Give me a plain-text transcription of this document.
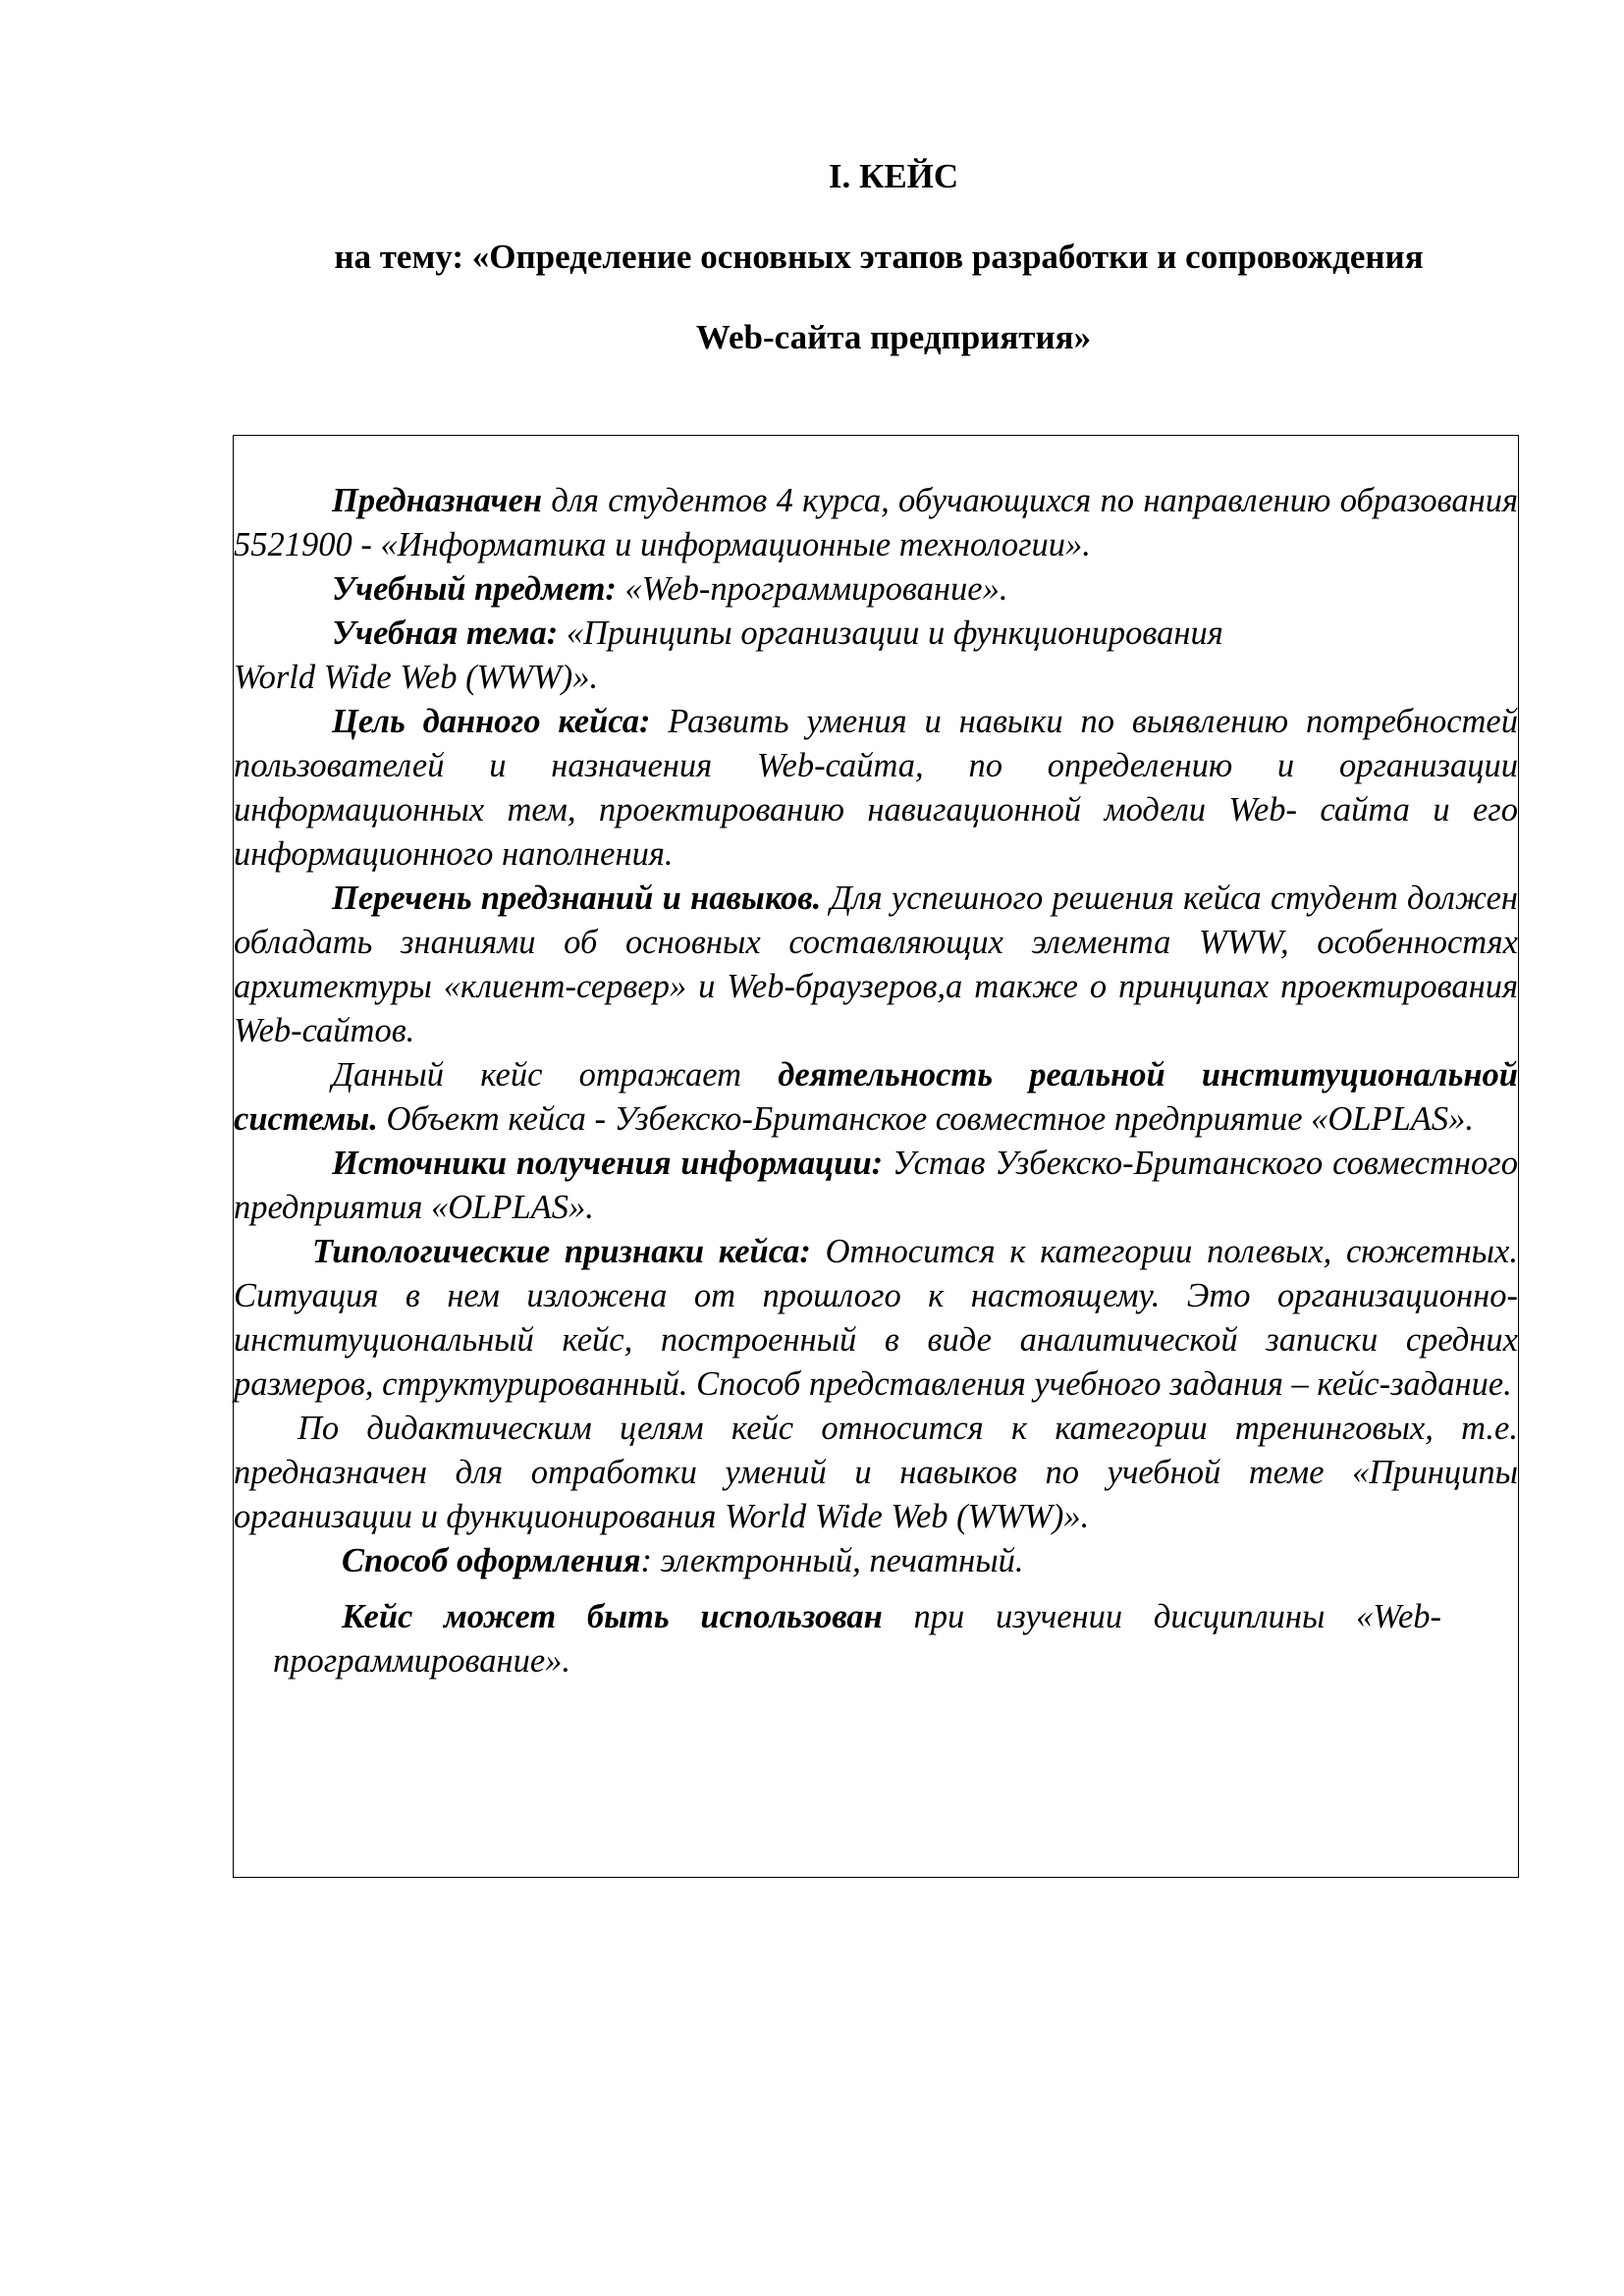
I. КЕЙС
на тему: «Определение основных этапов разработки и сопровождения
Web-сайта предприятия»

Предназначен для студентов 4 курса, обучающихся по направлению образования 5521900 - «Информатика и информационные технологии».

Учебный предмет: «Web-программирование».

Учебная тема: «Принципы организации и функционирования

World Wide Web (WWW)».

Цель данного кейса: Развить умения и навыки по выявлению потребностей пользователей и назначения Web-сайта, по определению и организации информационных тем, проектированию навигационной модели Web- сайта и его информационного наполнения.

Перечень предзнаний и навыков. Для успешного решения кейса студент должен обладать знаниями об основных составляющих элемента WWW, особенностях архитектуры «клиент-сервер» и Web-браузеров,а также о принципах проектирования Web-сайтов.

Данный кейс отражает деятельность реальной институциональной системы. Объект кейса - Узбекско-Британское совместное предприятие «OLPLAS».

Источники получения информации: Устав Узбекско-Британского совместного предприятия «OLPLAS».

Типологические признаки кейса: Относится к категории полевых, сюжетных. Ситуация в нем изложена от прошлого к настоящему. Это организационно-институциональный кейс, построенный в виде аналитической записки средних размеров, структурированный. Способ представления учебного задания – кейс-задание.

По дидактическим целям кейс относится к категории тренинговых, т.е. предназначен для отработки умений и навыков по учебной теме «Принципы организации и функционирования World Wide Web (WWW)».

Способ оформления: электронный, печатный.

Кейс может быть использован при изучении дисциплины «Web-программирование».
